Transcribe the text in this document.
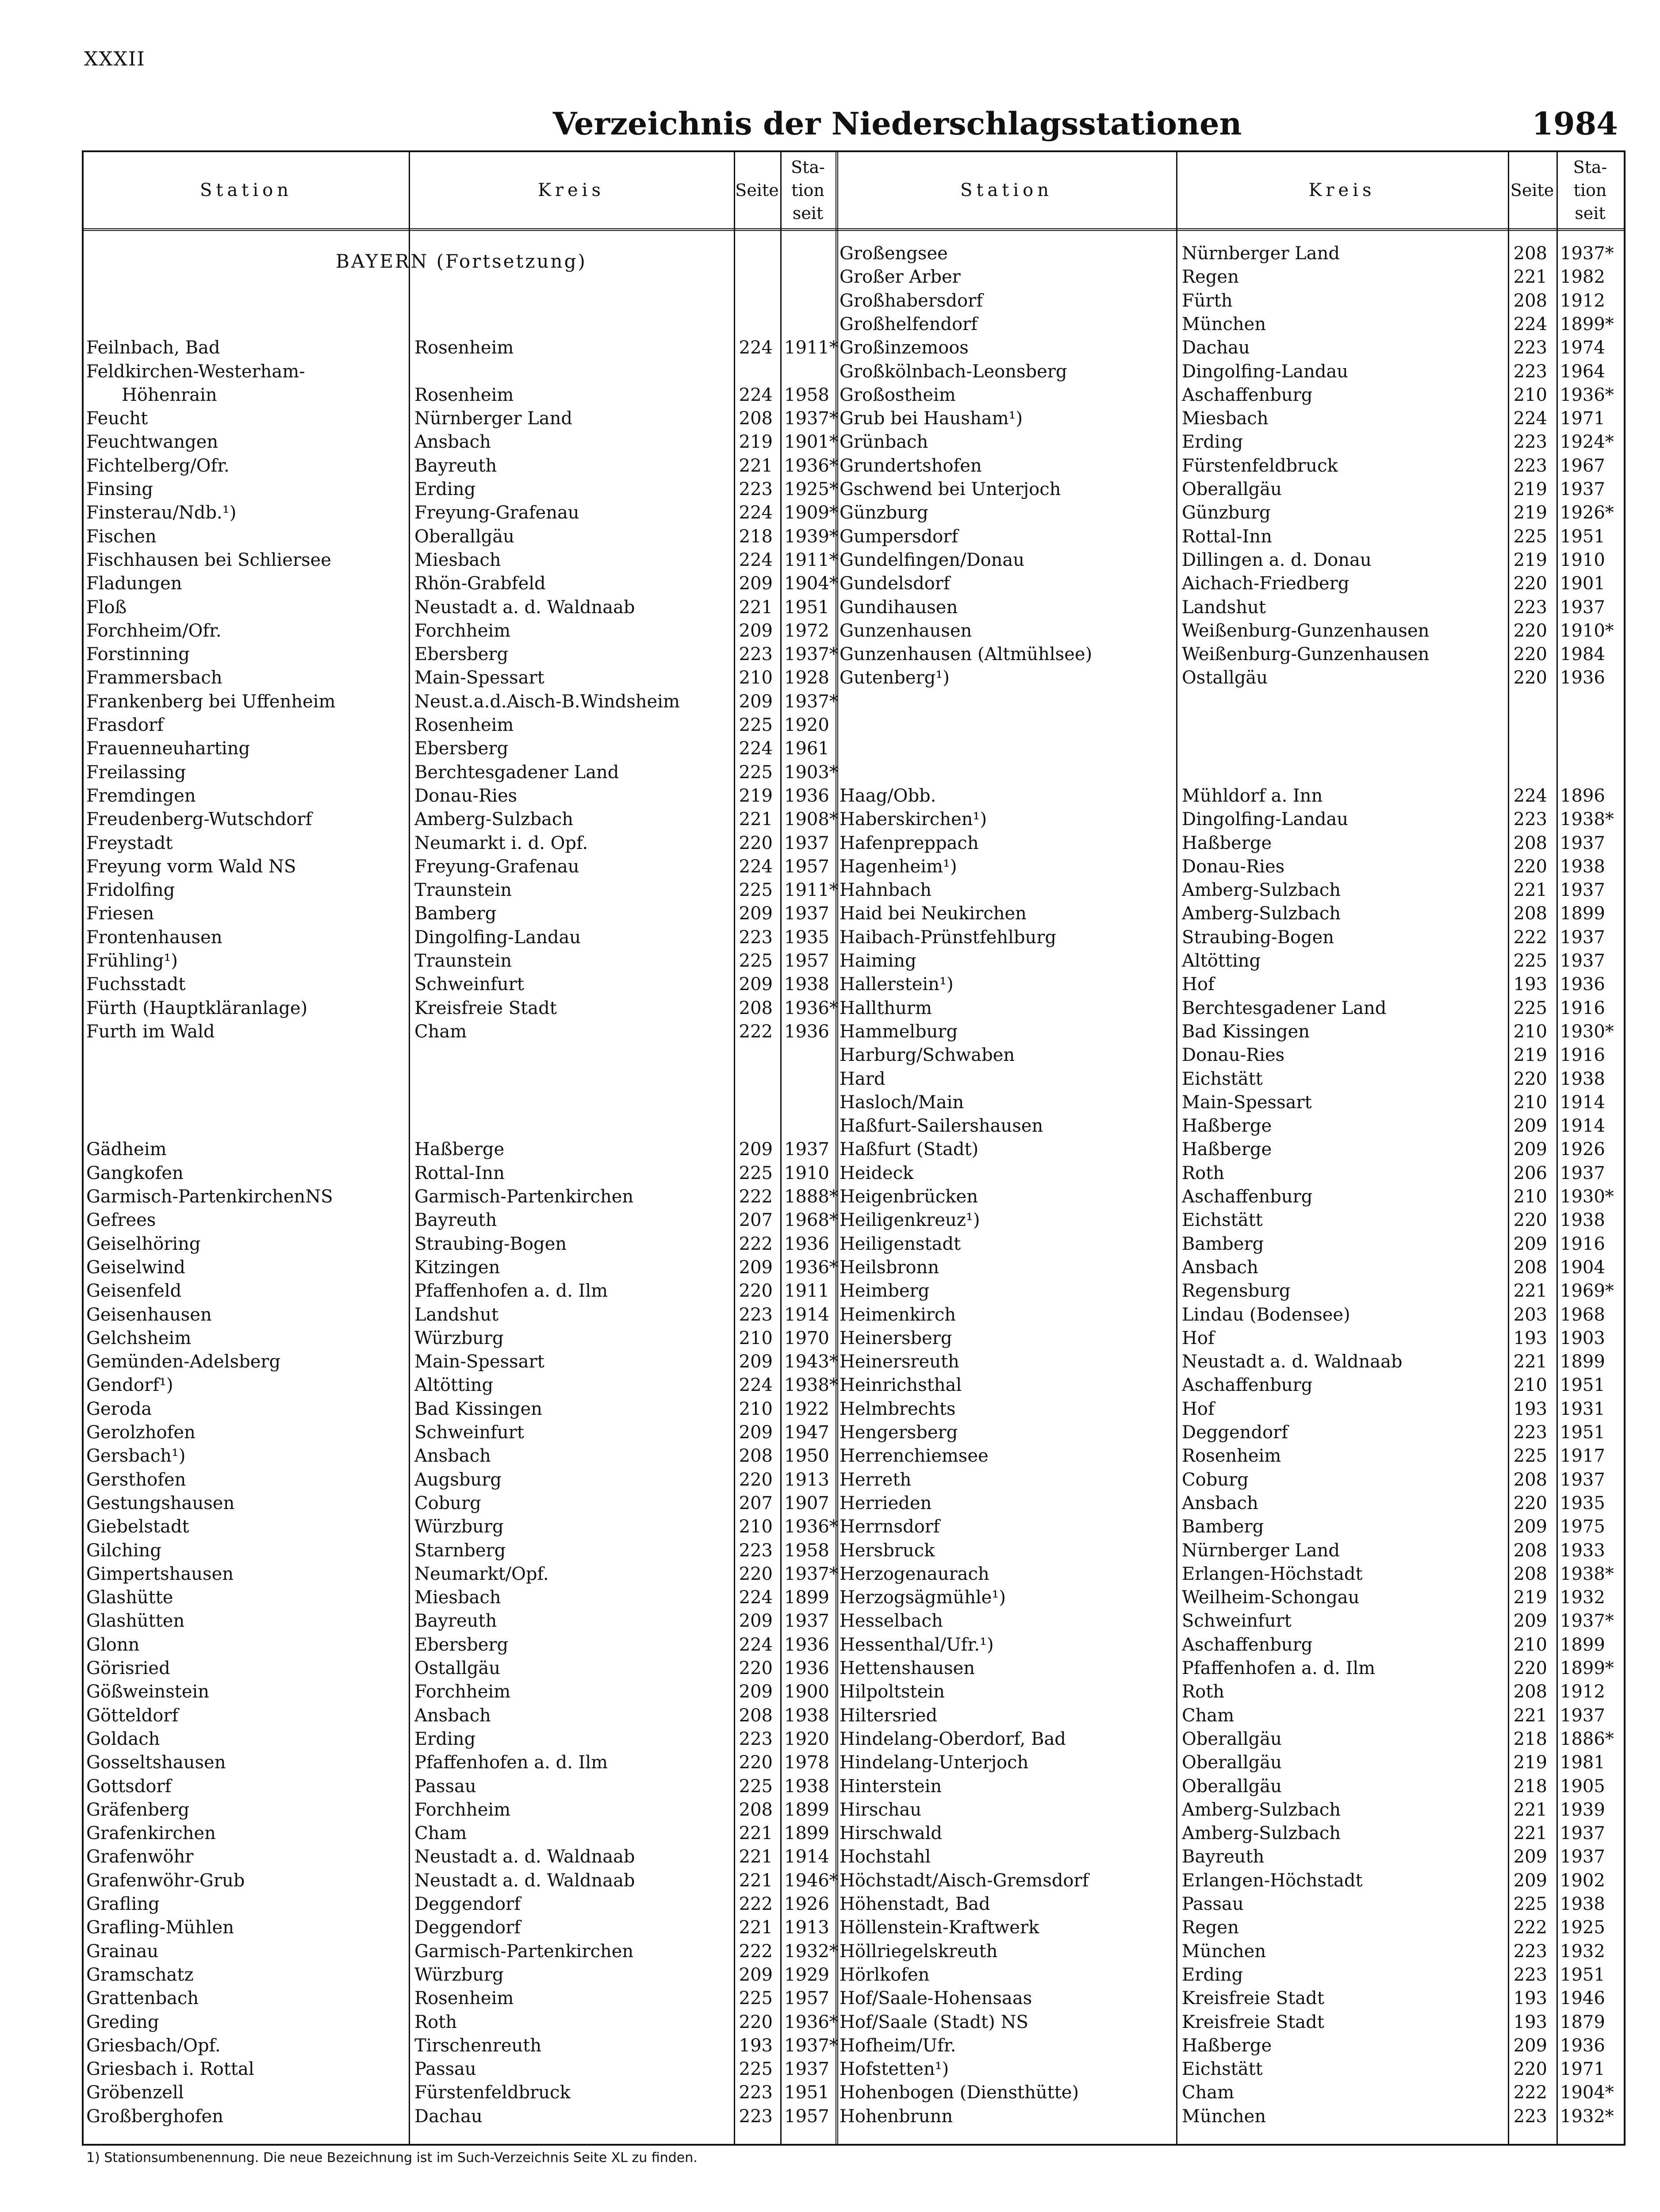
XXXII
Verzeichnis der Niederschlagsstationen	1984
Station	Kreis	Seite
Sta- tion seit
Station	Kreis	Seite
Sta- tion seit
BAYERN (Fortsetzung)
Feilnbach, Bad	Rosenheim	224 1911*
Feldkirchen-Westerham-
Höhenrain	Rosenheim	224 1958
Feucht	Nürnberger Land	208 1937*
Feuchtwangen	Ansbach	219 1901*
Fichtelberg/Ofr.	Bayreuth	221 1936*
Finsing	Erding	223 1925*
Finsterau/Ndb.¹)	Freyung-Grafenau	224 1909*
Fischen	Oberallgäu	218 1939*
Fischhausen bei Schliersee	Miesbach	224 1911*
Fladungen	Rhön-Grabfeld	209 1904*
Floß	Neustadt a. d. Waldnaab	221 1951
Forchheim/Ofr.	Forchheim	209 1972
Forstinning	Ebersberg	223 1937*
Frammersbach	Main-Spessart	210 1928
Frankenberg bei Uffenheim	Neust.a.d.Aisch-B.Windsheim	209 1937*
Frasdorf	Rosenheim	225 1920
Frauenneuharting	Ebersberg	224 1961
Freilassing	Berchtesgadener Land	225 1903*
Fremdingen	Donau-Ries	219 1936
Freudenberg-Wutschdorf	Amberg-Sulzbach	221 1908*
Freystadt	Neumarkt i. d. Opf.	220 1937
Freyung vorm Wald NS	Freyung-Grafenau	224 1957
Fridolfing	Traunstein	225 1911*
Friesen	Bamberg	209 1937
Frontenhausen	Dingolfing-Landau	223 1935
Frühling¹)	Traunstein	225 1957
Fuchsstadt	Schweinfurt	209 1938
Fürth (Hauptkläranlage)	Kreisfreie Stadt	208 1936*
Furth im Wald	Cham	222 1936
Gädheim	Haßberge	209 1937
Gangkofen	Rottal-Inn	225 1910
Garmisch-PartenkirchenNS	Garmisch-Partenkirchen	222 1888*
Gefrees	Bayreuth	207 1968*
Geiselhöring	Straubing-Bogen	222 1936
Geiselwind	Kitzingen	209 1936*
Geisenfeld	Pfaffenhofen a. d. Ilm	220 1911
Geisenhausen	Landshut	223 1914
Gelchsheim	Würzburg	210 1970
Gemünden-Adelsberg	Main-Spessart	209 1943*
Gendorf¹)	Altötting	224 1938*
Geroda	Bad Kissingen	210 1922
Gerolzhofen	Schweinfurt	209 1947
Gersbach¹)	Ansbach	208 1950
Gersthofen	Augsburg	220 1913
Gestungshausen	Coburg	207 1907
Giebelstadt	Würzburg	210 1936*
Gilching	Starnberg	223 1958
Gimpertshausen	Neumarkt/Opf.	220 1937*
Glashütte	Miesbach	224 1899
Glashütten	Bayreuth	209 1937
Glonn	Ebersberg	224 1936
Görisried	Ostallgäu	220 1936
Gößweinstein	Forchheim	209 1900
Götteldorf	Ansbach	208 1938
Goldach	Erding	223 1920
Gosseltshausen	Pfaffenhofen a. d. Ilm	220 1978
Gottsdorf	Passau	225 1938
Gräfenberg	Forchheim	208 1899
Grafenkirchen	Cham	221 1899
Grafenwöhr	Neustadt a. d. Waldnaab	221 1914
Grafenwöhr-Grub	Neustadt a. d. Waldnaab	221 1946*
Grafling	Deggendorf	222 1926
Grafling-Mühlen	Deggendorf	221 1913
Grainau	Garmisch-Partenkirchen	222 1932*
Gramschatz	Würzburg	209 1929
Grattenbach	Rosenheim	225 1957
Greding	Roth	220 1936*
Griesbach/Opf.	Tirschenreuth	193 1937*
Griesbach i. Rottal	Passau	225 1937
Gröbenzell	Fürstenfeldbruck	223 1951
Großberghofen	Dachau	223 1957
Großengsee	Nürnberger Land	208 1937*
Großer Arber	Regen	221 1982
Großhabersdorf	Fürth	208 1912
Großhelfendorf	München	224 1899*
Großinzemoos	Dachau	223 1974
Großkölnbach-Leonsberg	Dingolfing-Landau	223 1964
Großostheim	Aschaffenburg	210 1936*
Grub bei Hausham¹)	Miesbach	224 1971
Grünbach	Erding	223 1924*
Grundertshofen	Fürstenfeldbruck	223 1967
Gschwend bei Unterjoch	Oberallgäu	219 1937
Günzburg	Günzburg	219 1926*
Gumpersdorf	Rottal-Inn	225 1951
Gundelfingen/Donau	Dillingen a. d. Donau	219 1910
Gundelsdorf	Aichach-Friedberg	220 1901
Gundihausen	Landshut	223 1937
Gunzenhausen	Weißenburg-Gunzenhausen	220 1910*
Gunzenhausen (Altmühlsee)	Weißenburg-Gunzenhausen	220 1984
Gutenberg¹)	Ostallgäu	220 1936
Haag/Obb.	Mühldorf a. Inn	224 1896
Haberskirchen¹)	Dingolfing-Landau	223 1938*
Hafenpreppach	Haßberge	208 1937
Hagenheim¹)	Donau-Ries	220 1938
Hahnbach	Amberg-Sulzbach	221 1937
Haid bei Neukirchen	Amberg-Sulzbach	208 1899
Haibach-Prünstfehlburg	Straubing-Bogen	222 1937
Haiming	Altötting	225 1937
Hallerstein¹)	Hof	193 1936
Hallthurm	Berchtesgadener Land	225 1916
Hammelburg	Bad Kissingen	210 1930*
Harburg/Schwaben	Donau-Ries	219 1916
Hard	Eichstätt	220 1938
Hasloch/Main	Main-Spessart	210 1914
Haßfurt-Sailershausen	Haßberge	209 1914
Haßfurt (Stadt)	Haßberge	209 1926
Heideck	Roth	206 1937
Heigenbrücken	Aschaffenburg	210 1930*
Heiligenkreuz¹)	Eichstätt	220 1938
Heiligenstadt	Bamberg	209 1916
Heilsbronn	Ansbach	208 1904
Heimberg	Regensburg	221 1969*
Heimenkirch	Lindau (Bodensee)	203 1968
Heinersberg	Hof	193 1903
Heinersreuth	Neustadt a. d. Waldnaab	221 1899
Heinrichsthal	Aschaffenburg	210 1951
Helmbrechts	Hof	193 1931
Hengersberg	Deggendorf	223 1951
Herrenchiemsee	Rosenheim	225 1917
Herreth	Coburg	208 1937
Herrieden	Ansbach	220 1935
Herrnsdorf	Bamberg	209 1975
Hersbruck	Nürnberger Land	208 1933
Herzogenaurach	Erlangen-Höchstadt	208 1938*
Herzogsägmühle¹)	Weilheim-Schongau	219 1932
Hesselbach	Schweinfurt	209 1937*
Hessenthal/Ufr.¹)	Aschaffenburg	210 1899
Hettenshausen	Pfaffenhofen a. d. Ilm	220 1899*
Hilpoltstein	Roth	208 1912
Hiltersried	Cham	221 1937
Hindelang-Oberdorf, Bad	Oberallgäu	218 1886*
Hindelang-Unterjoch	Oberallgäu	219 1981
Hinterstein	Oberallgäu	218 1905
Hirschau	Amberg-Sulzbach	221 1939
Hirschwald	Amberg-Sulzbach	221 1937
Hochstahl	Bayreuth	209 1937
Höchstadt/Aisch-Gremsdorf	Erlangen-Höchstadt	209 1902
Höhenstadt, Bad	Passau	225 1938
Höllenstein-Kraftwerk	Regen	222 1925
Höllriegelskreuth	München	223 1932
Hörlkofen	Erding	223 1951
Hof/Saale-Hohensaas	Kreisfreie Stadt	193 1946
Hof/Saale (Stadt) NS	Kreisfreie Stadt	193 1879
Hofheim/Ufr.	Haßberge	209 1936
Hofstetten¹)	Eichstätt	220 1971
Hohenbogen (Diensthütte)	Cham	222 1904*
Hohenbrunn	München	223 1932*
1) Stationsumbenennung. Die neue Bezeichnung ist im Such-Verzeichnis Seite XL zu finden.
